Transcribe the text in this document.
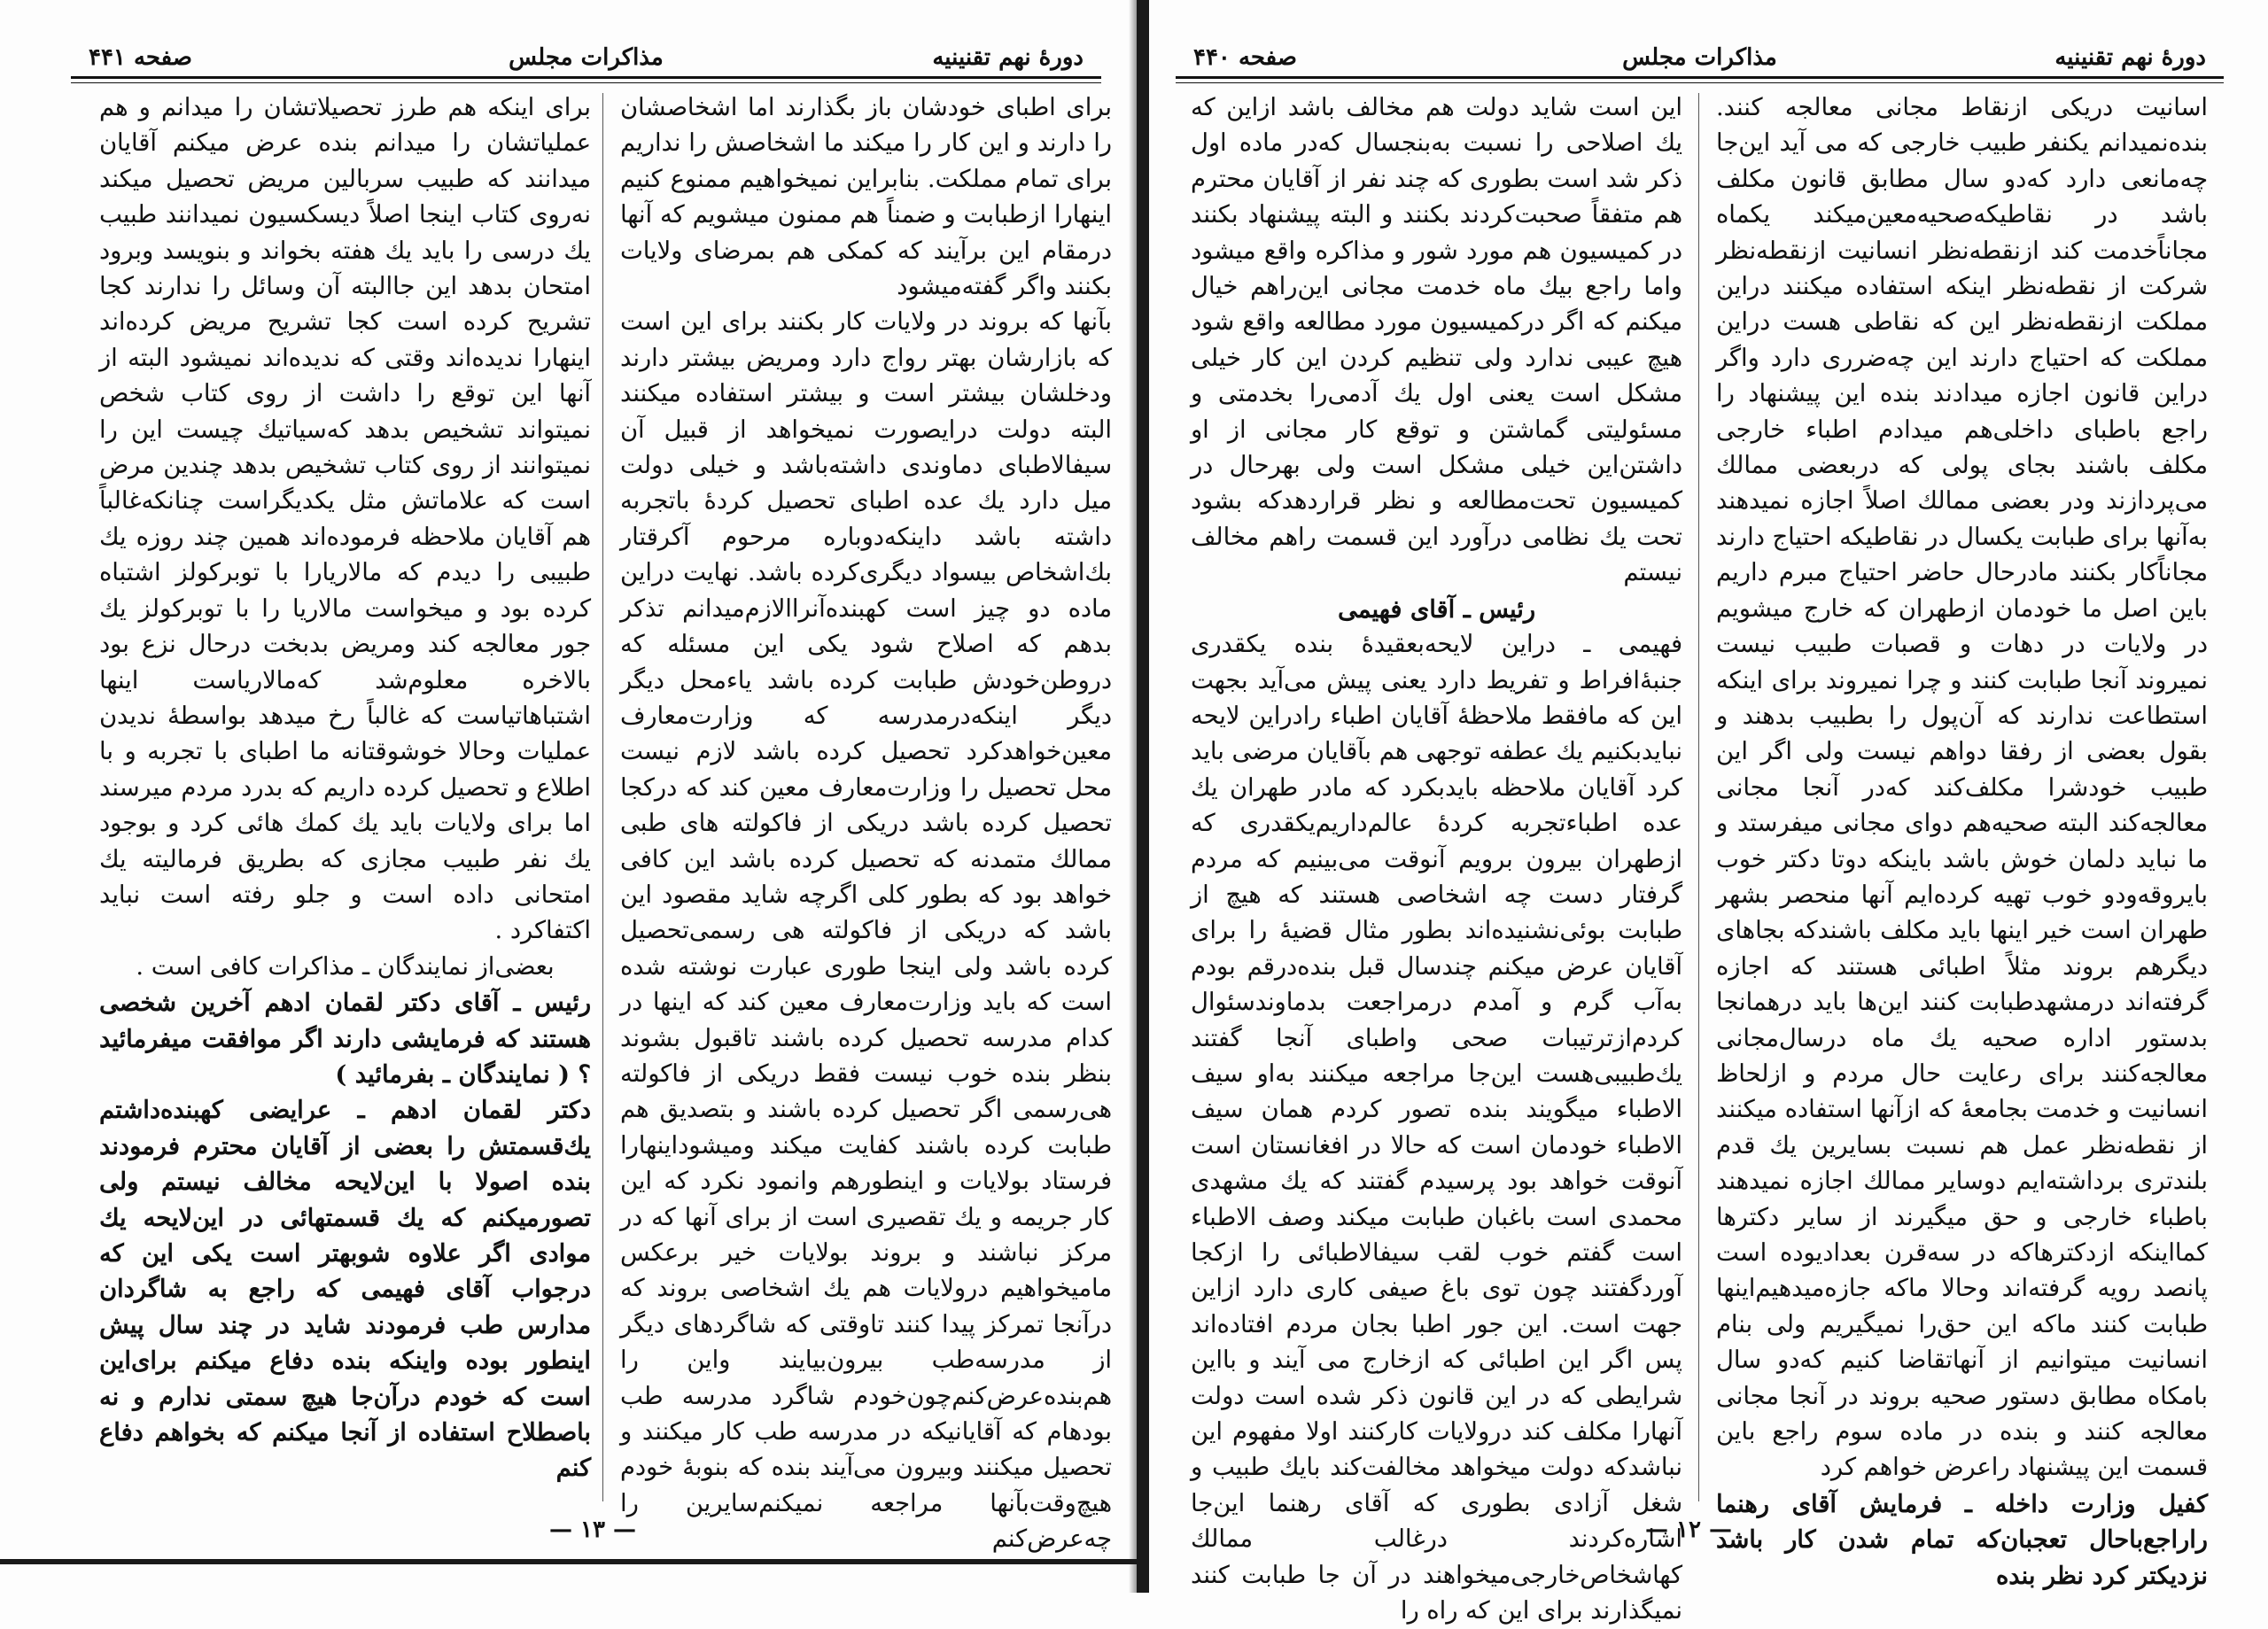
دورهٔ نهم تقنینیه
مذاکرات مجلس
صفحه ۴۴۱

برای اطبای خودشان باز بگذارند اما اشخاصشان را دارند و این کار را میکند ما اشخاصش را نداریم برای تمام مملکت. بنابراین نمیخواهیم ممنوع کنیم اینهارا ازطبابت و ضمناً هم ممنون میشویم که آنها درمقام این برآیند که کمکی هم بمرضای ولایات بکنند واگر گفته‌میشود

بآنها که بروند در ولایات کار بکنند برای این است که بازارشان بهتر رواج دارد ومریض بیشتر دارند ودخلشان بیشتر است و بیشتر استفاده میکنند البته دولت درایصورت نمیخواهد از قبیل آن سیفالاطبای دماوندی داشته‌باشد و خیلی دولت میل دارد یك عده اطبای تحصیل کردهٔ باتجربه داشته باشد داینکه‌دوباره مرحوم آکرقتار بك‌اشخاص بیسواد دیگری‌کرده باشد. نهایت دراین ماده دو چیز است کهبنده‌آنراالازم‌میدانم تذکر بدهم که اصلاح شود یکی این مسئله که دروطن‌خودش طبابت کرده باشد یاءمحل دیگر دیگر اینکه‌درمدرسه که وزارت‌معارف معین‌خواهدکرد تحصیل کرده باشد لازم نیست محل تحصیل را وزارت‌معارف معین کند که درکجا تحصیل کرده باشد دریکی از فاکولته های طبی ممالك متمدنه که تحصیل کرده باشد این کافی خواهد بود که بطور کلی اگرچه شاید مقصود این باشد که دریکی از فاکولته هی رسمی‌تحصیل کرده باشد ولی اینجا طوری عبارت نوشته شده است که باید وزارت‌معارف معین کند که اینها در کدام مدرسه تحصیل کرده باشند تاقبول بشوند بنظر بنده خوب نیست فقط دریکی از فاکولته هی‌رسمی اگر تحصیل کرده باشند و بتصدیق هم طبابت کرده باشند کفایت میکند ومیشوداینهارا فرستاد بولایات و اینطورهم وانمود نکرد که این کار جریمه و یك تقصیری است از برای آنها که در مرکز نباشند و بروند بولایات خیر برعکس مامیخواهیم درولایات هم یك اشخاصی بروند که درآنجا تمرکز پیدا کنند تاوقتی که شاگردهای دیگر از مدرسه‌طب بیرون‌بیایند واین را هم‌بنده‌عرض‌کنم‌چون‌خودم شاگرد مدرسه طب بودهام که آقایانیکه در مدرسه طب کار میکنند و تحصیل میکنند وبیرون می‌آیند بنده که بنوبهٔ خودم هیچ‌وقت‌بآنها مراجعه نمیکنم‌سایرین را چه‌عرض‌کنم

برای اینکه هم طرز تحصیلاتشان را میدانم و هم عملیاتشان را میدانم بنده عرض میکنم آقایان میدانند که طبیب سربالین مریض تحصیل میکند نه‌روی کتاب اینجا اصلاً دیسکسیون نمیدانند طبیب یك درسی را باید یك هفته بخواند و بنویسد وبرود امتحان بدهد این جاالبته آن وسائل را ندارند کجا تشریح کرده است کجا تشریح مریض کرده‌اند اینهارا ندیده‌اند وقتی که ندیده‌اند نمیشود البته از آنها این توقع را داشت از روی کتاب شخص نمیتواند تشخیص بدهد که‌سیاتیك چیست این را نمیتوانند از روی کتاب تشخیص بدهد چندین مرض است که علاماتش مثل یکدیگراست چنانکه‌غالباً هم آقایان ملاحظه فرموده‌اند همین چند روزه یك طبیبی را دیدم که مالاریارا با توبرکولز اشتباه کرده بود و میخواست مالاریا را با توبرکولز یك جور معالجه کند ومریض بدبخت درحال نزع بود بالاخره معلوم‌شد که‌مالاریاست اینها اشتباهاتیاست که غالباً رخ میدهد بواسطهٔ ندیدن عملیات وحالا خوشوقتانه ما اطبای با تجربه و با اطلاع و تحصیل کرده داریم که بدرد مردم میرسند اما برای ولایات باید یك کمك هائی کرد و بوجود یك نفر طبیب مجازی که بطریق فرمالیته یك امتحانی داده است و جلو رفته است نباید اکتفاکرد .

بعضی‌از نمایندگان ـ مذاکرات کافی است .

رئیس ـ آقای دکتر لقمان ادهم آخرین شخصی هستند که فرمایشی دارند اگر موافقت میفرمائید ؟ ( نمایندگان ـ بفرمائید )

دکتر لقمان ادهم ـ عرایضی کهبنده‌داشتم یك‌قسمتش را بعضی از آقایان محترم فرمودند بنده اصولا با این‌لایحه مخالف نیستم ولی تصورمیکنم که یك قسمتهائی در این‌لایحه یك موادی اگر علاوه شوبهتر است یکی این که درجواب آقای فهیمی که راجع به شاگردان مدارس طب فرمودند شاید در چند سال پیش اینطور بوده واینکه بنده دفاع میکنم برای‌این است که خودم درآن‌جا هیچ سمتی ندارم و نه باصطلاح استفاده از آنجا میکنم که بخواهم دفاع کنم

— ۱۳ —
دورهٔ نهم تقنینیه
مذاکرات مجلس
صفحه ۴۴۰

اسانیت دریکی ازنقاط مجانی معالجه کنند. بنده‌نمیدانم یکنفر طبیب خارجی که می آید این‌جا چه‌مانعی دارد که‌دو سال مطابق قانون مکلف باشد در نقاطیکه‌صحیه‌معین‌میکند یکماه مجاناًخدمت کند ازنقطه‌نظر انسانیت ازنقطه‌نظر شرکت از نقطه‌نظر اینکه استفاده میکنند دراین مملکت ازنقطه‌نظر این که نقاطی هست دراین مملکت که احتیاج دارند این چه‌ضرری دارد واگر دراین قانون اجازه میدادند بنده این پیشنهاد را راجع باطبای داخلی‌هم میدادم اطباء خارجی مکلف باشند بجای پولی که دربعضی ممالك می‌پردازند ودر بعضی ممالك اصلاً اجازه نمیدهند به‌آنها برای طبابت یکسال در نقاطیکه احتیاج دارند مجاناًکار بکنند مادرحال حاضر احتیاج مبرم داریم باین اصل ما خودمان ازطهران که خارج میشویم در ولایات در دهات و قصبات طبیب نیست نمیروند آنجا طبابت کنند و چرا نمیروند برای اینکه استطاعت ندارند که آن‌پول را بطبیب بدهند و بقول بعضی از رفقا دواهم نیست ولی اگر این طبیب خودشرا مکلف‌کند که‌در آنجا مجانی معالجه‌کند البته صحیه‌هم دوای مجانی میفرستد و ما نباید دلمان خوش باشد باینکه دوتا دکتر خوب بایروقه‌ودو خوب تهیه کرده‌ایم آنها منحصر بشهر طهران است خیر اینها باید مکلف باشندکه بجاهای دیگرهم بروند مثلاً اطبائی هستند که اجازه گرفته‌اند درمشهدطبابت کنند این‌ها باید درهمانجا بدستور اداره صحیه یك ماه درسال‌مجانی معالجه‌کنند برای رعایت حال مردم و ازلحاظ انسانیت و خدمت بجامعهٔ که ازآنها استفاده میکنند از نقطه‌نظر عمل هم نسبت بسایرین یك قدم بلندتری برداشته‌ایم دوسایر ممالك اجازه نمیدهند باطباء خارجی و حق میگیرند از سایر دکترها کمااینکه ازدکترهاکه در سه‌قرن بعد‌ادیوده است پانصد رویه گرفته‌اند وحالا ماکه جازه‌میدهیم‌اینها طبابت کنند ماکه این حق‌را نمیگیریم ولی بنام انسانیت میتوانیم از آنهاتقاضا کنیم که‌دو سال بامکاه مطابق دستور صحیه بروند در آنجا مجانی معالجه کنند و بنده در ماده سوم راجع باین قسمت این پیشنهاد راعرض خواهم کرد

کفیل وزارت داخله ـ فرمایش آقای رهنما راراجع‌باحال تعجبان‌که تمام شدن کار باشد نزدیکتر کرد نظر بنده

این است شاید دولت هم مخالف باشد ازاین که یك اصلاحی را نسبت به‌بنجسال که‌در ماده اول ذکر شد است بطوری که چند نفر از آقایان محترم هم متفقاً صحبت‌کردند بکنند و البته پیشنهاد بکنند در کمیسیون هم مورد شور و مذاکره واقع میشود واما راجع بیك ماه خدمت مجانی این‌راهم خیال میکنم که اگر درکمیسیون مورد مطالعه واقع شود هیچ عیبی ندارد ولی تنظیم کردن این کار خیلی مشکل است یعنی اول یك آدمی‌را بخدمتی و مسئولیتی گماشتن و توقع کار مجانی از او داشتن‌این خیلی مشکل است ولی بهرحال در کمیسیون تحت‌مطالعه و نظر قراردهدکه بشود تحت یك نظامی درآورد این قسمت راهم مخالف نیستم

رئیس ـ آقای فهیمی

فهیمی ـ دراین لایحه‌بعقیدهٔ بنده یکقدری جنبهٔ‌افراط و تفریط دارد یعنی پیش می‌آید بجهت این که مافقط ملاحظهٔ آقایان اطباء رادراین لایحه نبایدبکنیم یك عطفه توجهی هم بآقایان مرضی باید کرد آقایان ملاحظه بایدبکرد که مادر طهران یك عده اطباء‌تجربه کردهٔ عالم‌داریم‌یکقدری که ازطهران بیرون برویم آنوقت می‌بینیم که مردم گرفتار دست چه اشخاصی هستند که هیچ از طبابت بوئی‌نشنیده‌اند بطور مثال قضیهٔ را برای آقایان عرض میکنم چندسال قبل بنده‌درقم بودم به‌آب گرم و آمدم درمراجعت بدماوندسئوال کردم‌ازترتیبات صحی واطبای آنجا گفتند یك‌طبیبی‌هست این‌جا مراجعه میکنند به‌او سیف الاطباء میگویند بنده تصور کردم همان سیف الاطباء خودمان است که حالا در افغانستان است آنوقت خواهد بود پرسیدم گفتند که یك مشهدی محمدی است باغبان طبابت میکند وصف الاطباء است گفتم خوب لقب سیفالاطبائی را ازکجا آوردگفتند چون توی باغ صیفی کاری دارد ازاین جهت است. این جور اطبا بجان مردم افتاده‌اند پس اگر این اطبائی که ازخارج می آیند و بااین شرایطی که در این قانون ذکر شده است دولت آنهارا مکلف کند درولایات کارکنند اولا مفهوم این نباشدکه دولت میخواهد مخالفت‌کند بایك طبیب و شغل آزادی بطوری که آقای رهنما این‌جا اشاره‌کردند درغالب ممالك کهاشخاص‌خارجی‌میخواهند در آن جا طبابت کنند نمیگذارند برای این که راه را

— ۱۲ —
